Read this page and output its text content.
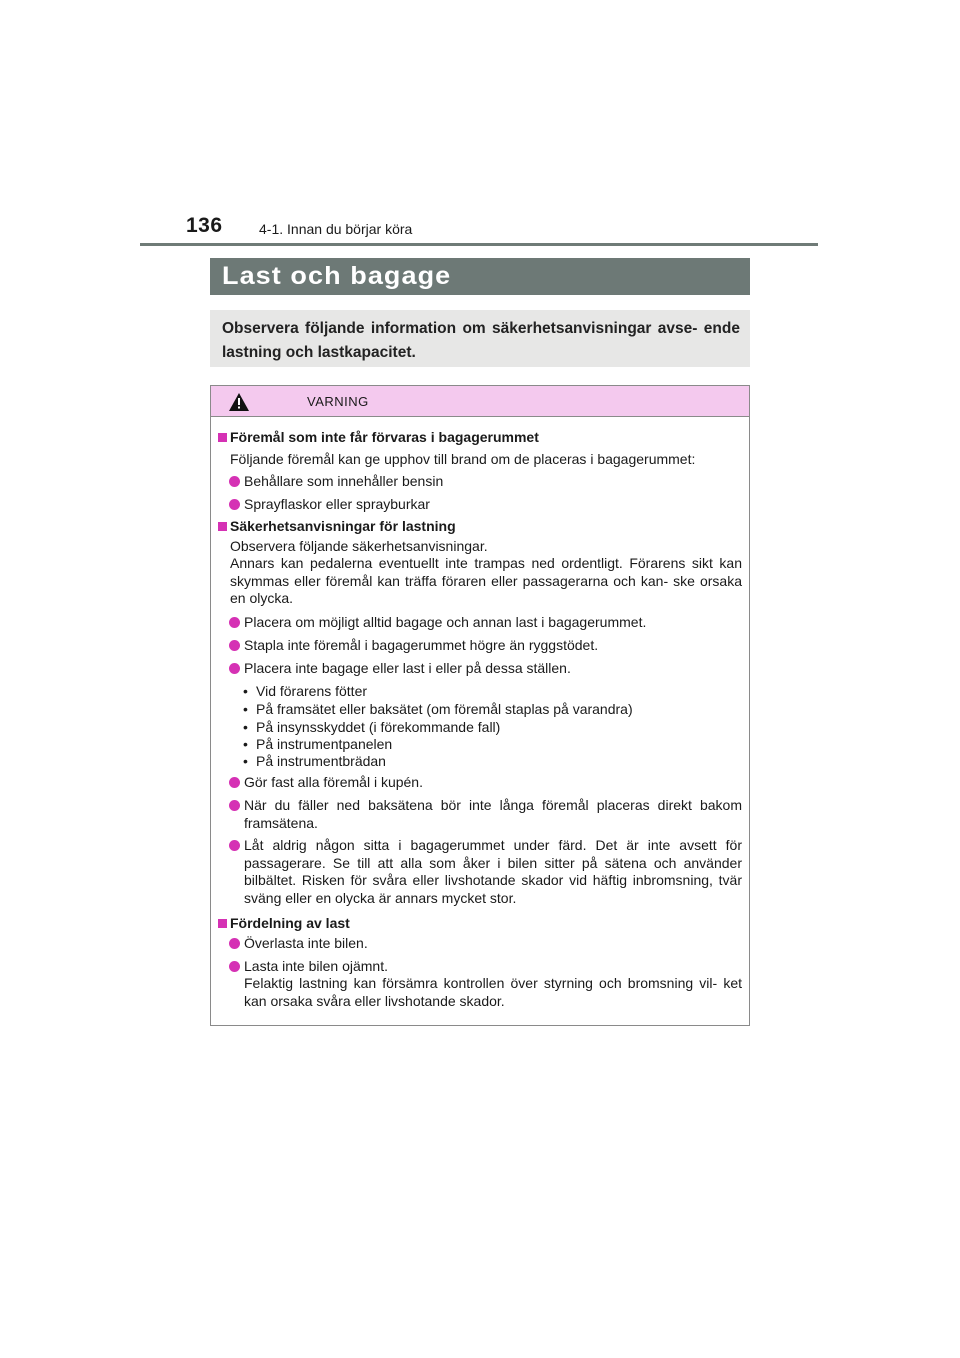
136	4-1. Innan du börjar köra
Last och bagage
Observera följande information om säkerhetsanvisningar avse- ende lastning och lastkapacitet.
VARNING
Föremål som inte får förvaras i bagagerummet
Följande föremål kan ge upphov till brand om de placeras i bagagerummet:
Behållare som innehåller bensin
Sprayflaskor eller sprayburkar
Säkerhetsanvisningar för lastning
Observera följande säkerhetsanvisningar.
Annars kan pedalerna eventuellt inte trampas ned ordentligt. Förarens sikt kan skymmas eller föremål kan träffa föraren eller passagerarna och kan- ske orsaka en olycka.
Placera om möjligt alltid bagage och annan last i bagagerummet.
Stapla inte föremål i bagagerummet högre än ryggstödet.
Placera inte bagage eller last i eller på dessa ställen.
• Vid förarens fötter
• På framsätet eller baksätet (om föremål staplas på varandra)
• På insynsskyddet (i förekommande fall)
• På instrumentpanelen
• På instrumentbrädan
Gör fast alla föremål i kupén.
När du fäller ned baksätena bör inte långa föremål placeras direkt bakom framsätena.
Låt aldrig någon sitta i bagagerummet under färd. Det är inte avsett för passagerare. Se till att alla som åker i bilen sitter på sätena och använder bilbältet. Risken för svåra eller livshotande skador vid häftig inbromsning, tvär sväng eller en olycka är annars mycket stor.
Fördelning av last
Överlasta inte bilen.
Lasta inte bilen ojämnt.
Felaktig lastning kan försämra kontrollen över styrning och bromsning vil- ket kan orsaka svåra eller livshotande skador.
